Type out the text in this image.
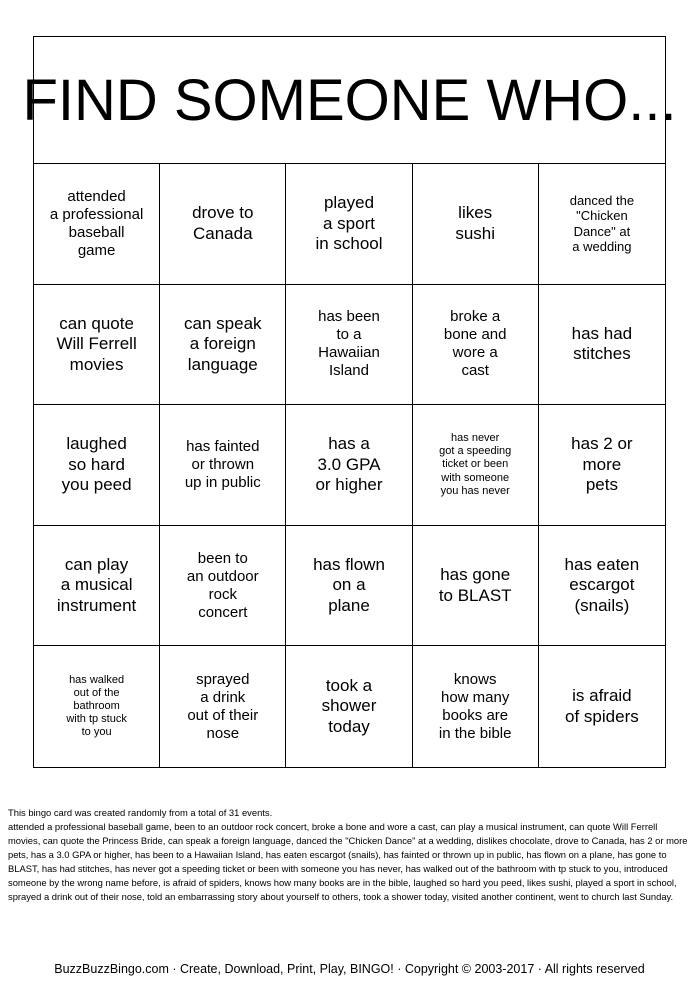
FIND SOMEONE WHO...
attended
a professional
baseball
game
drove to
Canada
played
a sport
in school
likes
sushi
danced the
"Chicken
Dance" at
a wedding
can quote
Will Ferrell
movies
can speak
a foreign
language
has been
to a
Hawaiian
Island
broke a
bone and
wore a
cast
has had
stitches
laughed
so hard
you peed
has fainted
or thrown
up in public
has a
3.0 GPA
or higher
has never
got a speeding
ticket or been
with someone
you has never
has 2 or
more
pets
can play
a musical
instrument
been to
an outdoor
rock
concert
has flown
on a
plane
has gone
to BLAST
has eaten
escargot
(snails)
has walked
out of the
bathroom
with tp stuck
to you
sprayed
a drink
out of their
nose
took a
shower
today
knows
how many
books are
in the bible
is afraid
of spiders
This bingo card was created randomly from a total of 31 events.
attended a professional baseball game, been to an outdoor rock concert, broke a bone and wore a cast, can play a musical instrument, can quote Will Ferrell movies, can quote the Princess Bride, can speak a foreign language, danced the "Chicken Dance" at a wedding, dislikes chocolate, drove to Canada, has 2 or more pets, has a 3.0 GPA or higher, has been to a Hawaiian Island, has eaten escargot (snails), has fainted or thrown up in public, has flown on a plane, has gone to BLAST, has had stitches, has never got a speeding ticket or been with someone you has never, has walked out of the bathroom with tp stuck to you, introduced someone by the wrong name before, is afraid of spiders, knows how many books are in the bible, laughed so hard you peed, likes sushi, played a sport in school, sprayed a drink out of their nose, told an embarrassing story about yourself to others, took a shower today, visited another continent, went to church last Sunday.
BuzzBuzzBingo.com · Create, Download, Print, Play, BINGO! · Copyright © 2003-2017 · All rights reserved
